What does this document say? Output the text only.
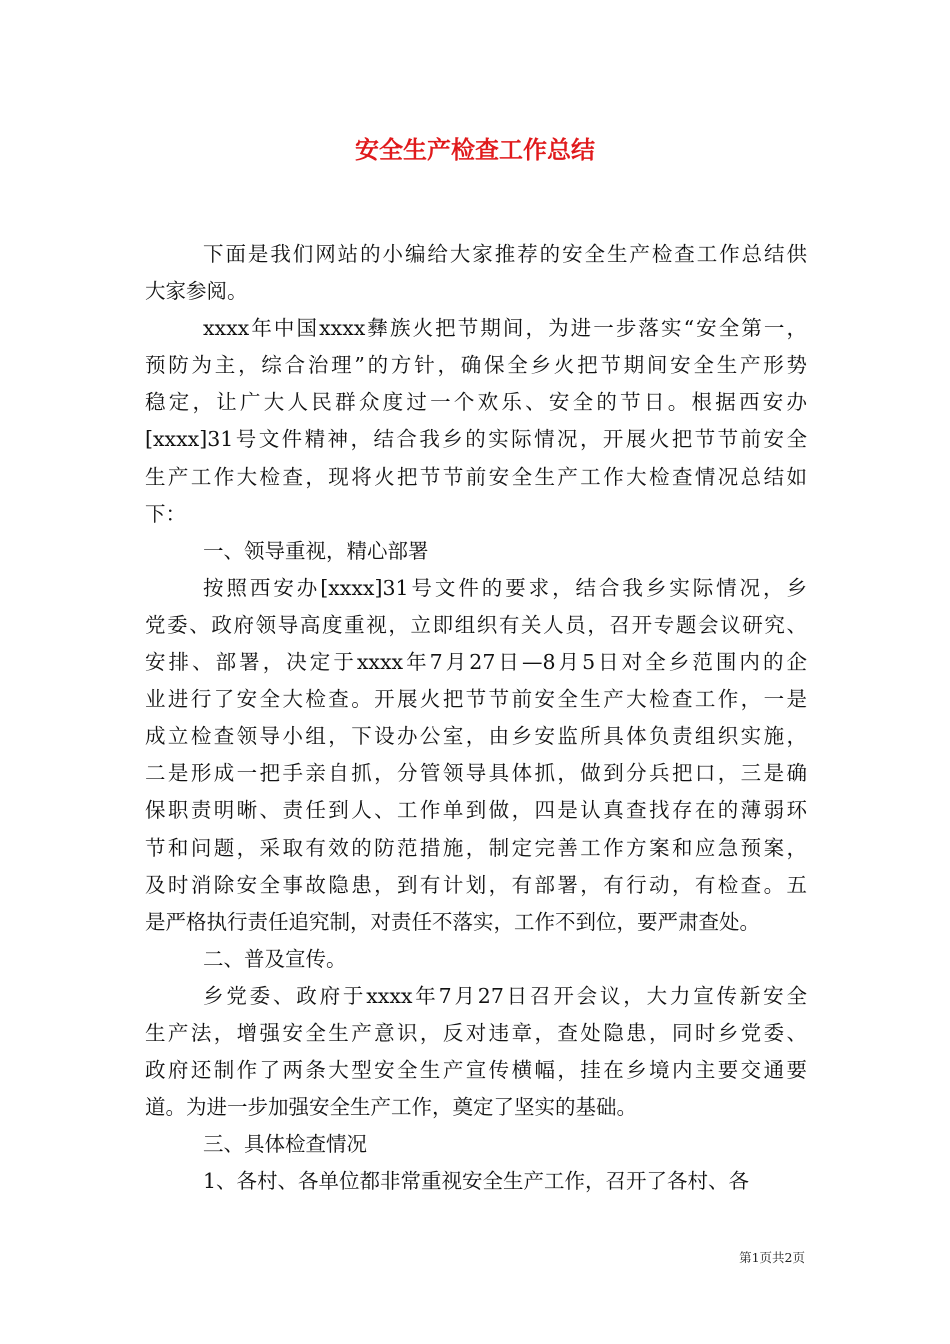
安全生产检查工作总结
下面是我们网站的小编给大家推荐的安全生产检查工作总结供
大家参阅。
xxxx年中国xxxx彝族火把节期间，为进一步落实“安全第一，
预防为主，综合治理”的方针，确保全乡火把节期间安全生产形势
稳定，让广大人民群众度过一个欢乐、安全的节日。根据西安办
[xxxx]31号文件精神，结合我乡的实际情况，开展火把节节前安全
生产工作大检查，现将火把节节前安全生产工作大检查情况总结如
下：
一、领导重视，精心部署
按照西安办[xxxx]31号文件的要求，结合我乡实际情况，乡
党委、政府领导高度重视，立即组织有关人员，召开专题会议研究、
安排、部署，决定于xxxx年7月27日—8月5日对全乡范围内的企
业进行了安全大检查。开展火把节节前安全生产大检查工作，一是
成立检查领导小组，下设办公室，由乡安监所具体负责组织实施，
二是形成一把手亲自抓，分管领导具体抓，做到分兵把口，三是确
保职责明晰、责任到人、工作单到做，四是认真查找存在的薄弱环
节和问题，采取有效的防范措施，制定完善工作方案和应急预案，
及时消除安全事故隐患，到有计划，有部署，有行动，有检查。五
是严格执行责任追究制，对责任不落实，工作不到位，要严肃查处。
二、普及宣传。
乡党委、政府于xxxx年7月27日召开会议，大力宣传新安全
生产法，增强安全生产意识，反对违章，查处隐患，同时乡党委、
政府还制作了两条大型安全生产宣传横幅，挂在乡境内主要交通要
道。为进一步加强安全生产工作，奠定了坚实的基础。
三、具体检查情况
1、各村、各单位都非常重视安全生产工作，召开了各村、各
第1页共2页
